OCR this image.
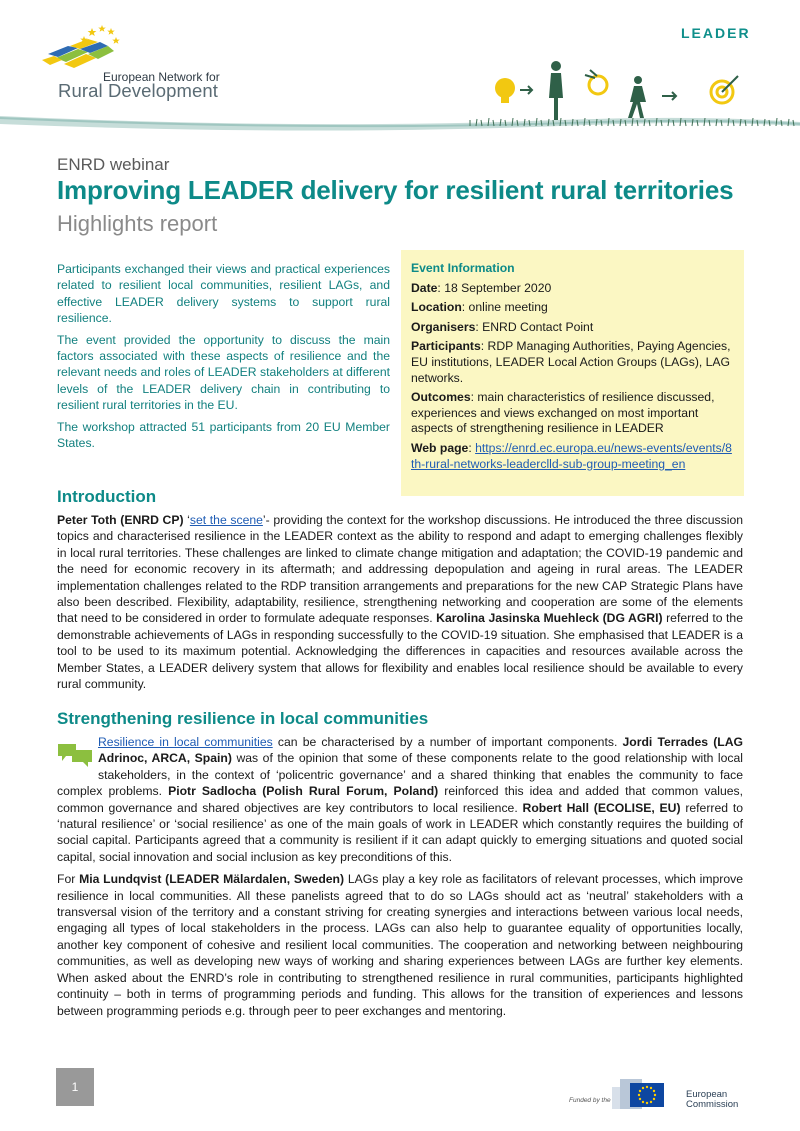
European Network for
Rural Development
LEADER
ENRD webinar
Improving LEADER delivery for resilient rural territories
Highlights report

Participants exchanged their views and practical experiences related to resilient local communities, resilient LAGs, and effective LEADER delivery systems to support rural resilience.

The event provided the opportunity to discuss the main factors associated with these aspects of resilience and the relevant needs and roles of LEADER stakeholders at different levels of the LEADER delivery chain in contributing to resilient rural territories in the EU.

The workshop attracted 51 participants from 20 EU Member States.

Event Information
Date: 18 September 2020
Location: online meeting
Organisers: ENRD Contact Point
Participants: RDP Managing Authorities, Paying Agencies, EU institutions, LEADER Local Action Groups (LAGs), LAG networks.
Outcomes: main characteristics of resilience discussed, experiences and views exchanged on most important aspects of strengthening resilience in LEADER
Web page: https://enrd.ec.europa.eu/news-events/events/8th-rural-networks-leaderclld-sub-group-meeting_en
Introduction
Peter Toth (ENRD CP) ‘set the scene’- providing the context for the workshop discussions. He introduced the three discussion topics and characterised resilience in the LEADER context as the ability to respond and adapt to emerging challenges flexibly in local rural territories. These challenges are linked to climate change mitigation and adaptation; the COVID-19 pandemic and the need for economic recovery in its aftermath; and addressing depopulation and ageing in rural areas. The LEADER implementation challenges related to the RDP transition arrangements and preparations for the new CAP Strategic Plans have also been described. Flexibility, adaptability, resilience, strengthening networking and cooperation are some of the elements that need to be considered in order to formulate adequate responses. Karolina Jasinska Muehleck (DG AGRI) referred to the demonstrable achievements of LAGs in responding successfully to the COVID-19 situation. She emphasised that LEADER is a tool to be used to its maximum potential. Acknowledging the differences in capacities and resources available across the Member States, a LEADER delivery system that allows for flexibility and enables local resilience should be available to every rural community.
Strengthening resilience in local communities

Resilience in local communities can be characterised by a number of important components. Jordi Terrades (LAG Adrinoc, ARCA, Spain) was of the opinion that some of these components relate to the good relationship with local stakeholders, in the context of ‘policentric governance’ and a shared thinking that enables the community to face complex problems. Piotr Sadlocha (Polish Rural Forum, Poland) reinforced this idea and added that common values, common governance and shared objectives are key contributors to local resilience. Robert Hall (ECOLISE, EU) referred to ‘natural resilience’ or ‘social resilience’ as one of the main goals of work in LEADER which constantly requires the building of social capital. Participants agreed that a community is resilient if it can adapt quickly to emerging situations and quoted social capital, social innovation and social inclusion as key preconditions of this.

For Mia Lundqvist (LEADER Mälardalen, Sweden) LAGs play a key role as facilitators of relevant processes, which improve resilience in local communities. All these panelists agreed that to do so LAGs should act as ‘neutral’ stakeholders with a transversal vision of the territory and a constant striving for creating synergies and interactions between various local needs, engaging all types of local stakeholders in the process. LAGs can also help to guarantee equality of opportunities locally, another key component of cohesive and resilient local communities. The cooperation and networking between neighbouring communities, as well as developing new ways of working and sharing experiences between LAGs are further key elements. When asked about the ENRD’s role in contributing to strengthened resilience in rural communities, participants highlighted continuity – both in terms of programming periods and funding. This allows for the transition of experiences and lessons between programming periods e.g. through peer to peer exchanges and mentoring.

1
Funded by the
European
Commission
